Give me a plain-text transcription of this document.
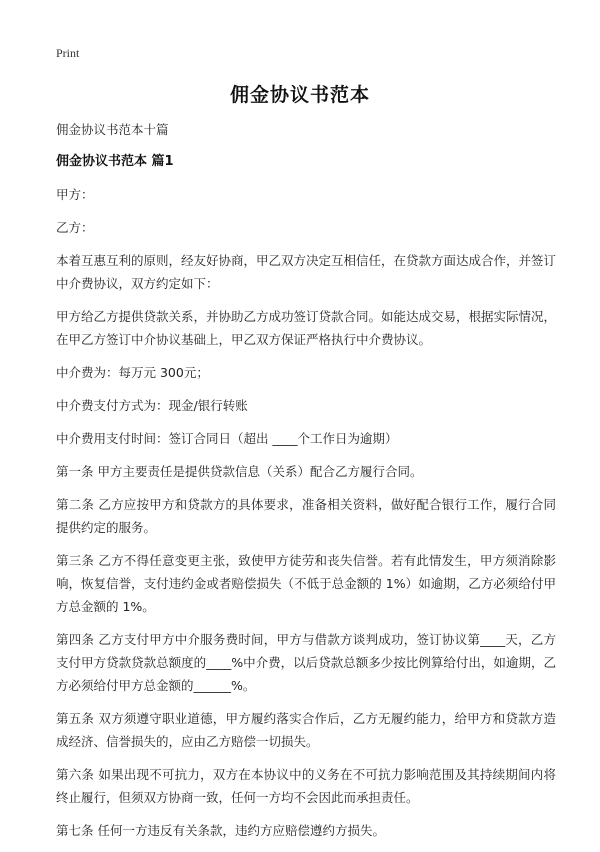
Print
佣金协议书范本

佣金协议书范本十篇

佣金协议书范本 篇1

甲方：

乙方：

本着互惠互利的原则，经友好协商，甲乙双方决定互相信任，在贷款方面达成合作，并签订中介费协议，双方约定如下：

甲方给乙方提供贷款关系，并协助乙方成功签订贷款合同。如能达成交易，根据实际情况，在甲乙方签订中介协议基础上，甲乙双方保证严格执行中介费协议。

中介费为：每万元 300元；

中介费支付方式为：现金/银行转账

中介费用支付时间：签订合同日（超出 ____个工作日为逾期）

第一条 甲方主要责任是提供贷款信息（关系）配合乙方履行合同。

第二条 乙方应按甲方和贷款方的具体要求，准备相关资料，做好配合银行工作，履行合同提供约定的服务。

第三条 乙方不得任意变更主张，致使甲方徒劳和丧失信誉。若有此情发生，甲方须消除影响，恢复信誉，支付违约金或者赔偿损失（不低于总金额的 1%）如逾期，乙方必须给付甲方总金额的 1%。

第四条 乙方支付甲方中介服务费时间，甲方与借款方谈判成功，签订协议第____天，乙方支付甲方贷款贷款总额度的____%中介费，以后贷款总额多少按比例算给付出，如逾期，乙方必须给付甲方总金额的______%。

第五条 双方须遵守职业道德，甲方履约落实合作后，乙方无履约能力，给甲方和贷款方造成经济、信誉损失的，应由乙方赔偿一切损失。

第六条 如果出现不可抗力，双方在本协议中的义务在不可抗力影响范围及其持续期间内将终止履行，但须双方协商一致，任何一方均不会因此而承担责任。

第七条 任何一方违反有关条款，违约方应赔偿遵约方损失。
